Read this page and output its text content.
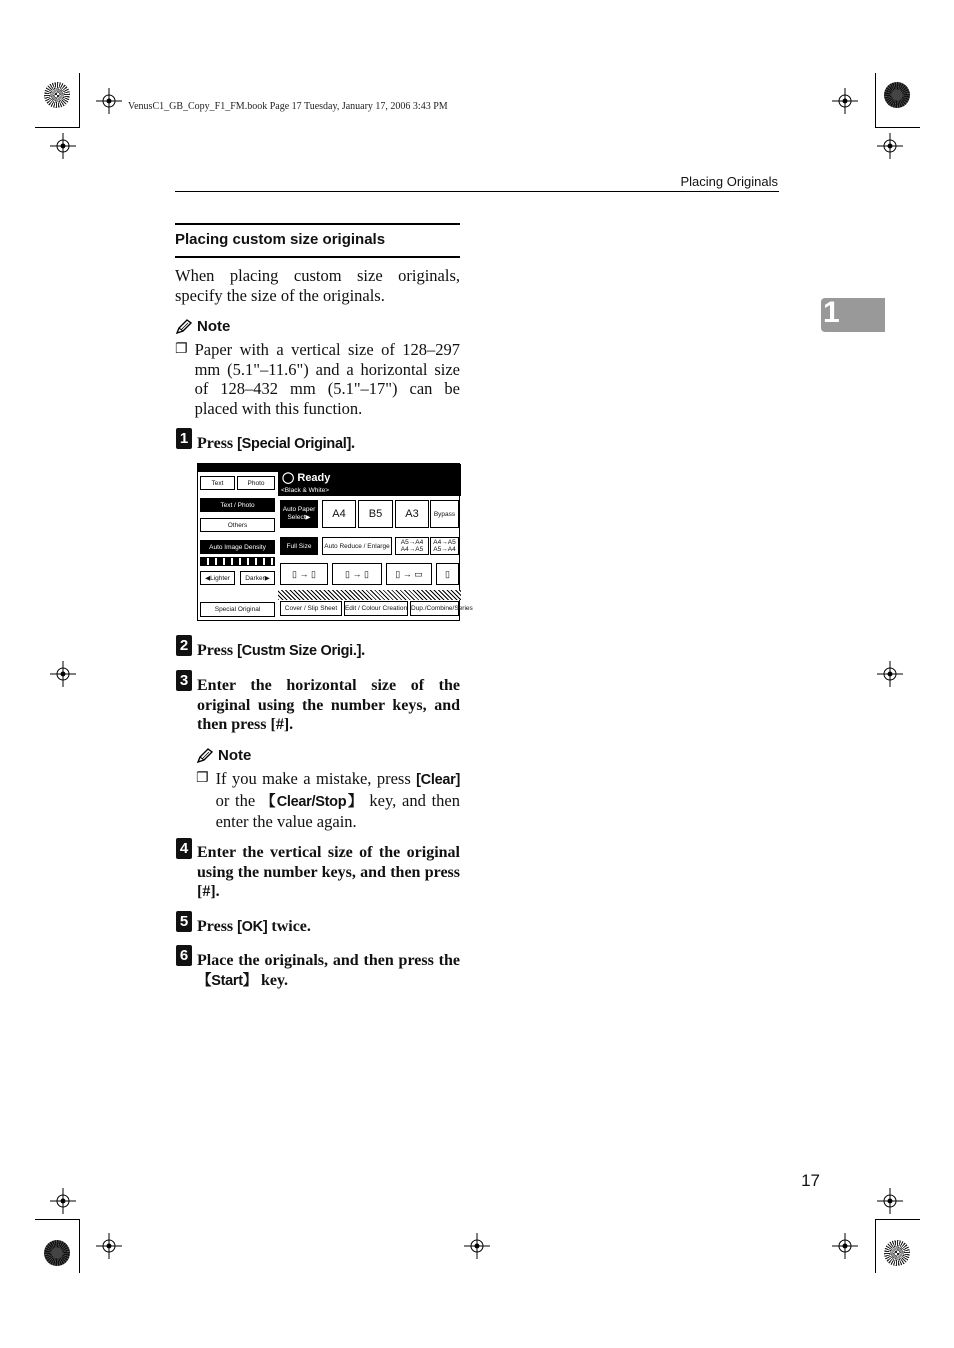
VenusC1_GB_Copy_F1_FM.book Page 17 Tuesday, January 17, 2006 3:43 PM
Placing Originals
1
Placing custom size originals
When placing custom size originals, specify the size of the originals.
Note
❐ Paper with a vertical size of 128–297 mm (5.1"–11.6") and a horizontal size of 128–432 mm (5.1"–17") can be placed with this function.
1 Press [Special Original].
Text	Photo
Text / Photo
Others
Auto Image Density
◀ Lighter Darker ▶
Special Original
◯ Ready
<Black & White>
Auto Paper Select▶	A4	B5	A3	Bypass
Full Size	Auto Reduce / Enlarge	A5→A4 A4→A5
A4→A5 A5→A4
▯ → ▯	▯ → ▯	▯ → ▭	▯
Cover / Slip Sheet	Edit / Colour Creation Dup./Combine/Series
2 Press [Custm Size Origi.].
3 Enter the horizontal size of the original using the number keys, and then press [#].
Note
❐ If you make a mistake, press [Clear] or the 【Clear/Stop】 key, and then enter the value again.
4 Enter the vertical size of the original using the number keys, and then press [#].
5 Press [OK] twice.
6 Place the originals, and then press the 【Start】 key.
17
